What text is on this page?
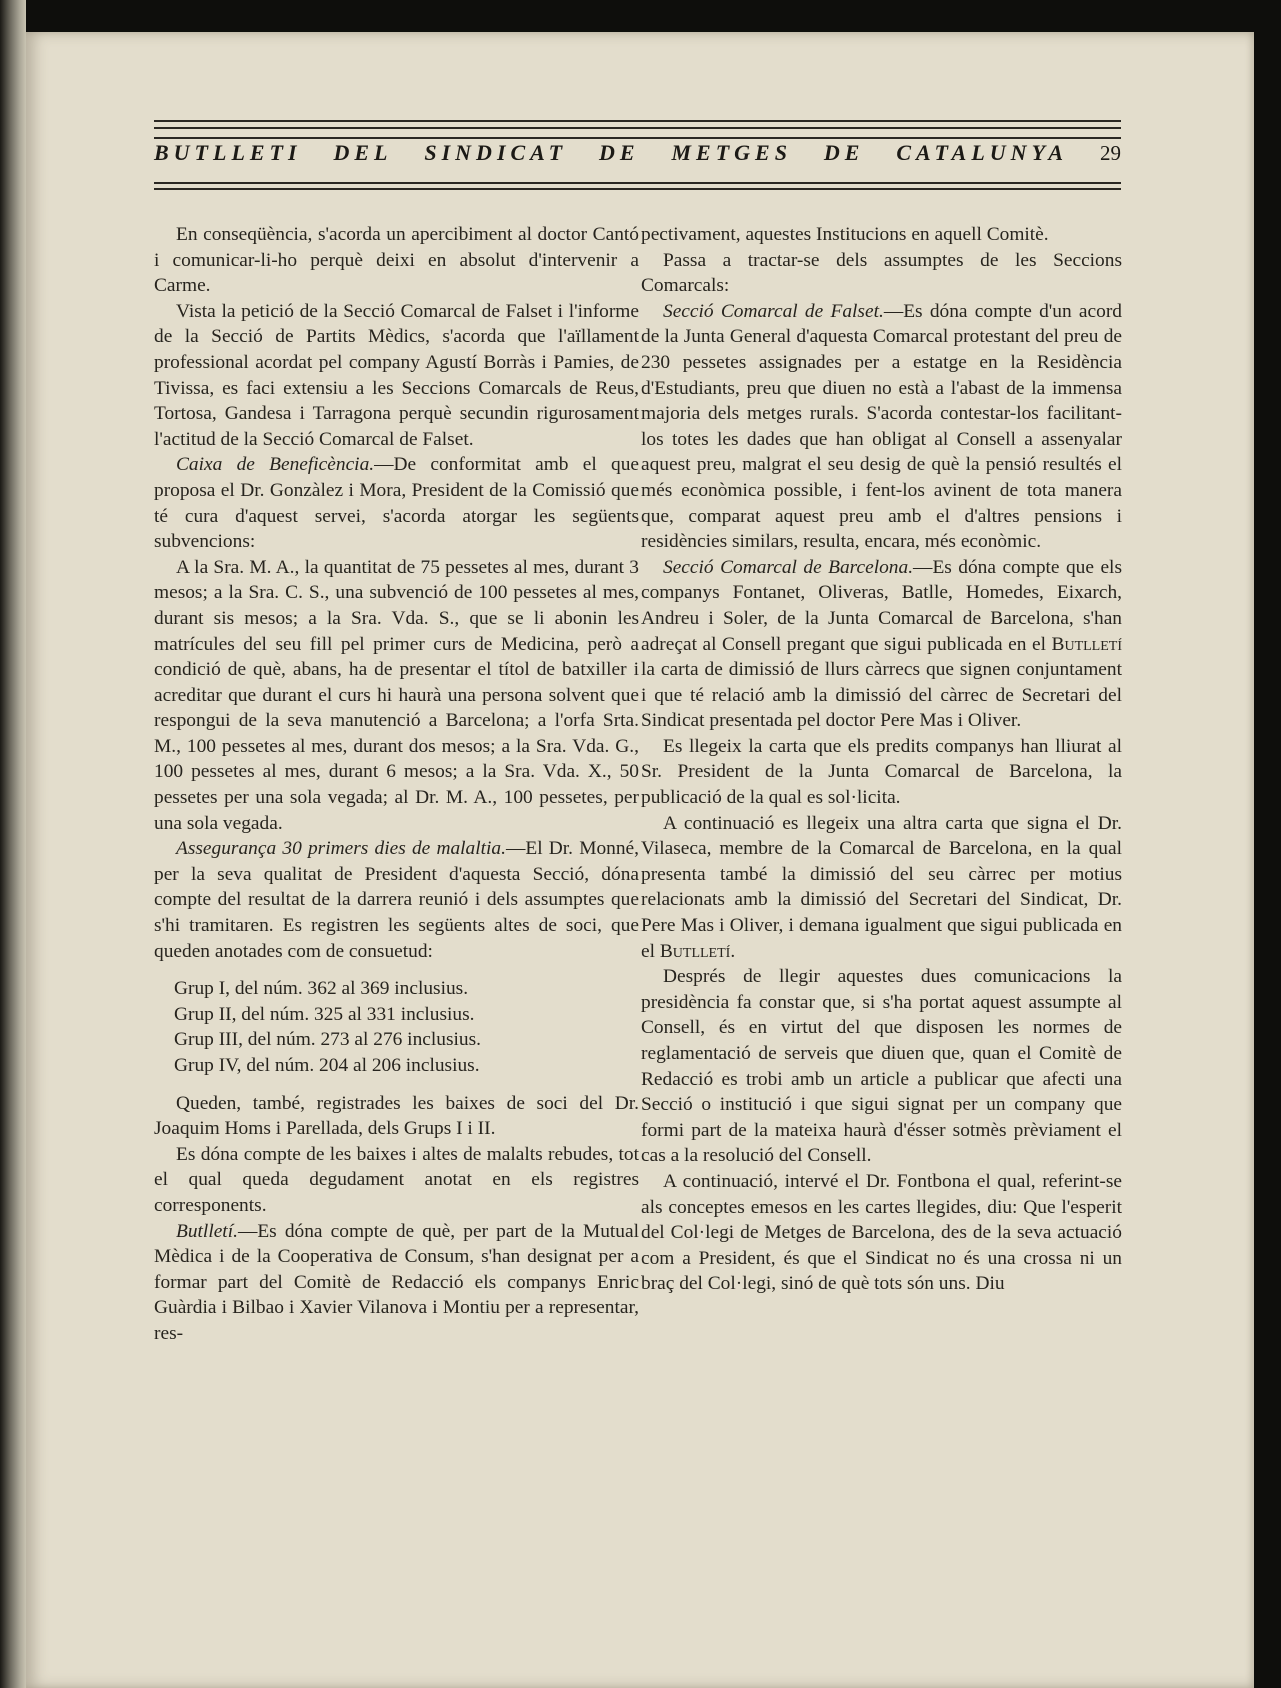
BUTLLETI DEL SINDICAT DE METGES DE CATALUNYA 29

En conseqüència, s'acorda un apercibiment al doctor Cantó i comunicar-li-ho perquè deixi en absolut d'intervenir a Carme.

Vista la petició de la Secció Comarcal de Falset i l'informe de la Secció de Partits Mèdics, s'acorda que l'aïllament professional acordat pel company Agustí Borràs i Pamies, de Tivissa, es faci extensiu a les Seccions Comarcals de Reus, Tortosa, Gandesa i Tarragona perquè secundin rigurosament l'actitud de la Secció Comarcal de Falset.

Caixa de Beneficència.—De conformitat amb el que proposa el Dr. Gonzàlez i Mora, President de la Comissió que té cura d'aquest servei, s'acorda atorgar les següents subvencions:

A la Sra. M. A., la quantitat de 75 pessetes al mes, durant 3 mesos; a la Sra. C. S., una subvenció de 100 pessetes al mes, durant sis mesos; a la Sra. Vda. S., que se li abonin les matrícules del seu fill pel primer curs de Medicina, però a condició de què, abans, ha de presentar el títol de batxiller i acreditar que durant el curs hi haurà una persona solvent que respongui de la seva manutenció a Barcelona; a l'orfa Srta. M., 100 pessetes al mes, durant dos mesos; a la Sra. Vda. G., 100 pessetes al mes, durant 6 mesos; a la Sra. Vda. X., 50 pessetes per una sola vegada; al Dr. M. A., 100 pessetes, per una sola vegada.

Assegurança 30 primers dies de malaltia.—El Dr. Monné, per la seva qualitat de President d'aquesta Secció, dóna compte del resultat de la darrera reunió i dels assumptes que s'hi tramitaren. Es registren les següents altes de soci, que queden anotades com de consuetud:

Grup I, del núm. 362 al 369 inclusius.
Grup II, del núm. 325 al 331 inclusius.
Grup III, del núm. 273 al 276 inclusius.
Grup IV, del núm. 204 al 206 inclusius.

Queden, també, registrades les baixes de soci del Dr. Joaquim Homs i Parellada, dels Grups I i II.

Es dóna compte de les baixes i altes de malalts rebudes, tot el qual queda degudament anotat en els registres corresponents.

Butlletí.—Es dóna compte de què, per part de la Mutual Mèdica i de la Cooperativa de Consum, s'han designat per a formar part del Comitè de Redacció els companys Enric Guàrdia i Bilbao i Xavier Vilanova i Montiu per a representar, res-

pectivament, aquestes Institucions en aquell Comitè.

Passa a tractar-se dels assumptes de les Seccions Comarcals:

Secció Comarcal de Falset.—Es dóna compte d'un acord de la Junta General d'aquesta Comarcal protestant del preu de 230 pessetes assignades per a estatge en la Residència d'Estudiants, preu que diuen no està a l'abast de la immensa majoria dels metges rurals. S'acorda contestar-los facilitant-los totes les dades que han obligat al Consell a assenyalar aquest preu, malgrat el seu desig de què la pensió resultés el més econòmica possible, i fent-los avinent de tota manera que, comparat aquest preu amb el d'altres pensions i residències similars, resulta, encara, més econòmic.

Secció Comarcal de Barcelona.—Es dóna compte que els companys Fontanet, Oliveras, Batlle, Homedes, Eixarch, Andreu i Soler, de la Junta Comarcal de Barcelona, s'han adreçat al Consell pregant que sigui publicada en el Butlletí la carta de dimissió de llurs càrrecs que signen conjuntament i que té relació amb la dimissió del càrrec de Secretari del Sindicat presentada pel doctor Pere Mas i Oliver.

Es llegeix la carta que els predits companys han lliurat al Sr. President de la Junta Comarcal de Barcelona, la publicació de la qual es sol·licita.

A continuació es llegeix una altra carta que signa el Dr. Vilaseca, membre de la Comarcal de Barcelona, en la qual presenta també la dimissió del seu càrrec per motius relacionats amb la dimissió del Secretari del Sindicat, Dr. Pere Mas i Oliver, i demana igualment que sigui publicada en el Butlletí.

Després de llegir aquestes dues comunicacions la presidència fa constar que, si s'ha portat aquest assumpte al Consell, és en virtut del que disposen les normes de reglamentació de serveis que diuen que, quan el Comitè de Redacció es trobi amb un article a publicar que afecti una Secció o institució i que sigui signat per un company que formi part de la mateixa haurà d'ésser sotmès prèviament el cas a la resolució del Consell.

A continuació, intervé el Dr. Fontbona el qual, referint-se als conceptes emesos en les cartes llegides, diu: Que l'esperit del Col·legi de Metges de Barcelona, des de la seva actuació com a President, és que el Sindicat no és una crossa ni un braç del Col·legi, sinó de què tots són uns. Diu
